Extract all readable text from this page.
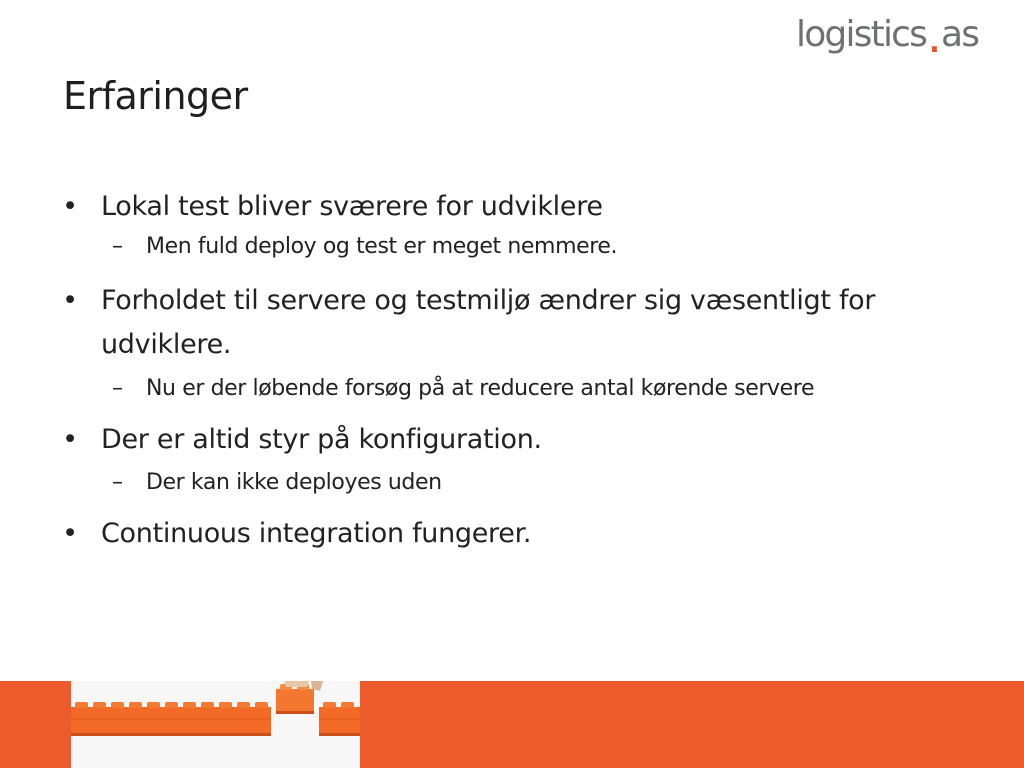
logistics.as
Erfaringer
• Lokal test bliver sværere for udviklere
– Men fuld deploy og test er meget nemmere.
• Forholdet til servere og testmiljø ændrer sig væsentligt for udviklere.
– Nu er der løbende forsøg på at reducere antal kørende servere
• Der er altid styr på konfiguration.
– Der kan ikke deployes uden
• Continuous integration fungerer.
